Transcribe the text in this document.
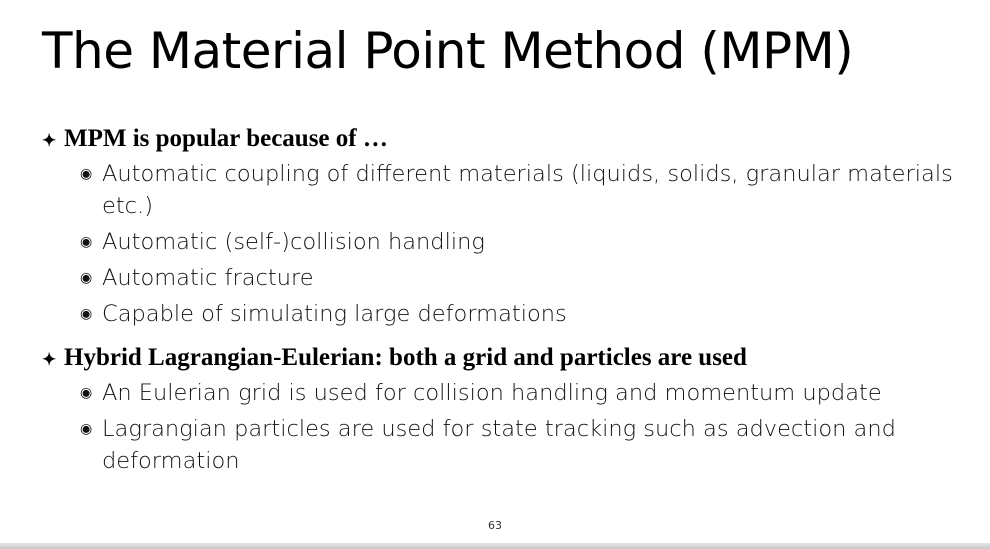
The Material Point Method (MPM)
✦ MPM is popular because of …
◉ Automatic coupling of different materials (liquids, solids, granular materials etc.)
◉ Automatic (self-)collision handling
◉ Automatic fracture
◉ Capable of simulating large deformations
✦ Hybrid Lagrangian-Eulerian: both a grid and particles are used
◉ An Eulerian grid is used for collision handling and momentum update
◉ Lagrangian particles are used for state tracking such as advection and deformation
63
